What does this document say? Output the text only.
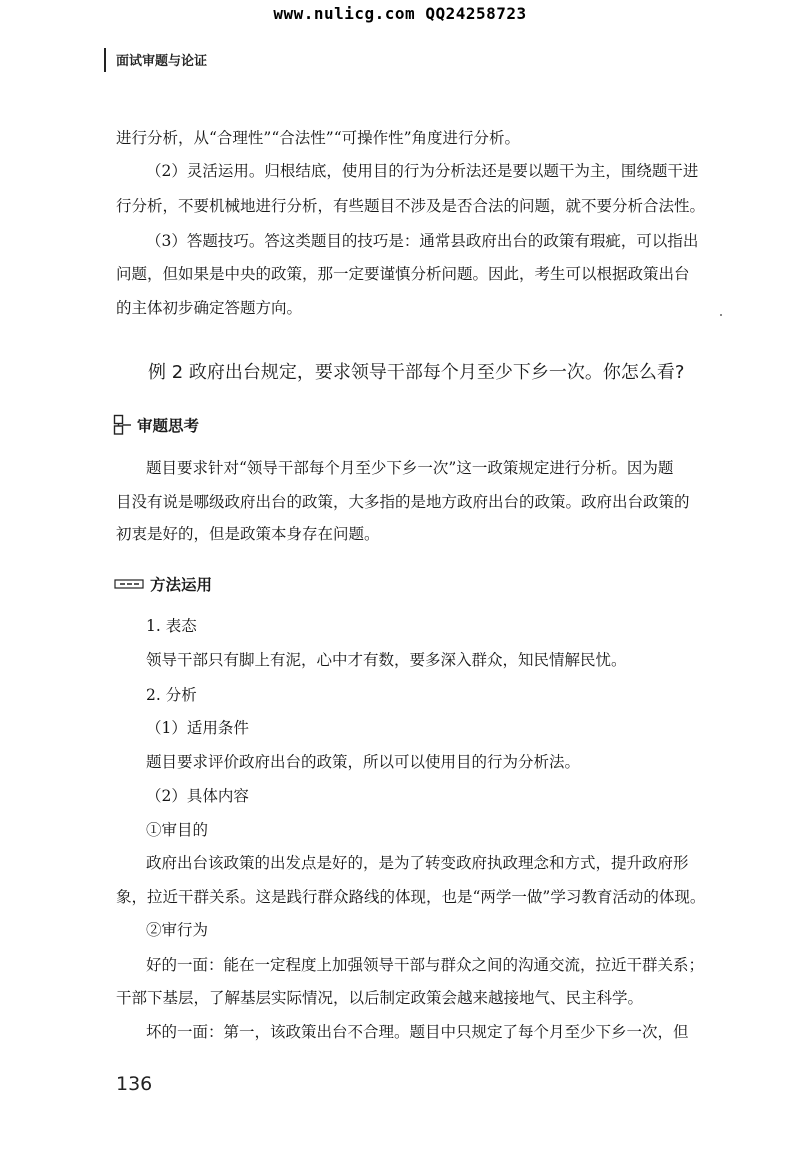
www.nulicg.com QQ24258723
面试审题与论证
进行分析，从“合理性”“合法性”“可操作性”角度进行分析。
（2）灵活运用。归根结底，使用目的行为分析法还是要以题干为主，围绕题干进
行分析，不要机械地进行分析，有些题目不涉及是否合法的问题，就不要分析合法性。
（3）答题技巧。答这类题目的技巧是：通常县政府出台的政策有瑕疵，可以指出
问题，但如果是中央的政策，那一定要谨慎分析问题。因此，考生可以根据政策出台
的主体初步确定答题方向。
例 2 政府出台规定，要求领导干部每个月至少下乡一次。你怎么看?
审题思考
题目要求针对“领导干部每个月至少下乡一次”这一政策规定进行分析。因为题
目没有说是哪级政府出台的政策，大多指的是地方政府出台的政策。政府出台政策的
初衷是好的，但是政策本身存在问题。
方法运用
1. 表态
领导干部只有脚上有泥，心中才有数，要多深入群众，知民情解民忧。
2. 分析
（1）适用条件
题目要求评价政府出台的政策，所以可以使用目的行为分析法。
（2）具体内容
①审目的
政府出台该政策的出发点是好的，是为了转变政府执政理念和方式，提升政府形
象，拉近干群关系。这是践行群众路线的体现，也是“两学一做”学习教育活动的体现。
②审行为
好的一面：能在一定程度上加强领导干部与群众之间的沟通交流，拉近干群关系；
干部下基层，了解基层实际情况，以后制定政策会越来越接地气、民主科学。
坏的一面：第一，该政策出台不合理。题目中只规定了每个月至少下乡一次，但
136
